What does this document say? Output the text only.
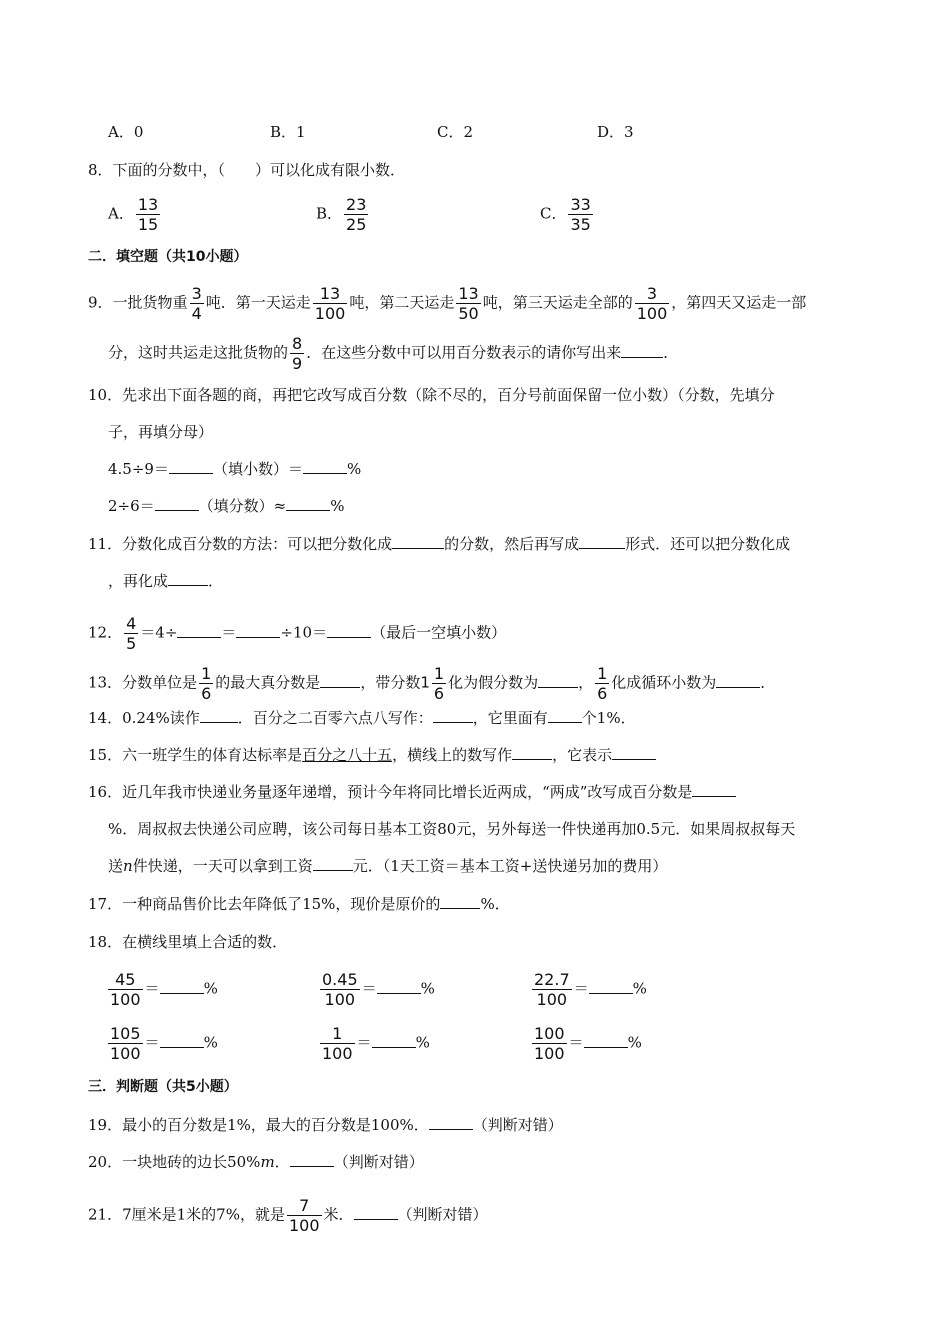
A．0	B．1	C．2	D．3
8．下面的分数中，（　　）可以化成有限小数．
A． $\frac{13}{15}$	B． $\frac{23}{25}$	C． $\frac{33}{35}$
二．填空题（共10小题）
9．一批货物重 $\frac{3}{4}$ 吨．第一天运走 $\frac{13}{100}$ 吨，第二天运走 $\frac{13}{50}$ 吨，第三天运走全部的 $\frac{3}{100}$ ，第四天又运走一部
分，这时共运走这批货物的 $\frac{8}{9}$ ．在这些分数中可以用百分数表示的请你写出来	．
10．先求出下面各题的商，再把它改写成百分数（除不尽的，百分号前面保留一位小数）（分数，先填分
子，再填分母）
4.5÷9＝	（填小数）＝	%
2÷6＝	（填分数）≈	%
11．分数化成百分数的方法：可以把分数化成	的分数，然后再写成	形式．还可以把分数化成
，再化成	．
12． $\frac{4}{5} =4\div$	＝	÷10＝	（最后一空填小数）
13．分数单位是 $\frac{1}{6}$ 的最大真分数是	，带分数$1 \frac{1}{6}$ 化为假分数为	， $\frac{1}{6}$ 化成循环小数为	．
14．0.24%读作	．百分之二百零六点八写作：	，它里面有 个1%．
15．六一班学生的体育达标率是百分之八十五，横线上的数写作	，它表示
16．近几年我市快递业务量逐年递增，预计今年将同比增长近两成，“两成”改写成百分数是
%．周叔叔去快递公司应聘，该公司每日基本工资80元，另外每送一件快递再加0.5元．如果周叔叔每天
送n件快递，一天可以拿到工资	元．（1天工资＝基本工资+送快递另加的费用）
17．一种商品售价比去年降低了15%，现价是原价的	%．
18．在横线里填上合适的数．
$\frac{45}{100}$ ＝	%	$\frac{0.45}{100}$ ＝	%	$\frac{22.7}{100}$ ＝	%
$\frac{105}{100}$ ＝	%	$\frac{1}{100}$ ＝	%	$\frac{100}{100}$ ＝	%
三．判断题（共5小题）
19．最小的百分数是1%，最大的百分数是100%．	（判断对错）
20．一块地砖的边长50%m．	（判断对错）
21．7厘米是1米的7%，就是 $\frac{7}{100}$ 米．	（判断对错）
